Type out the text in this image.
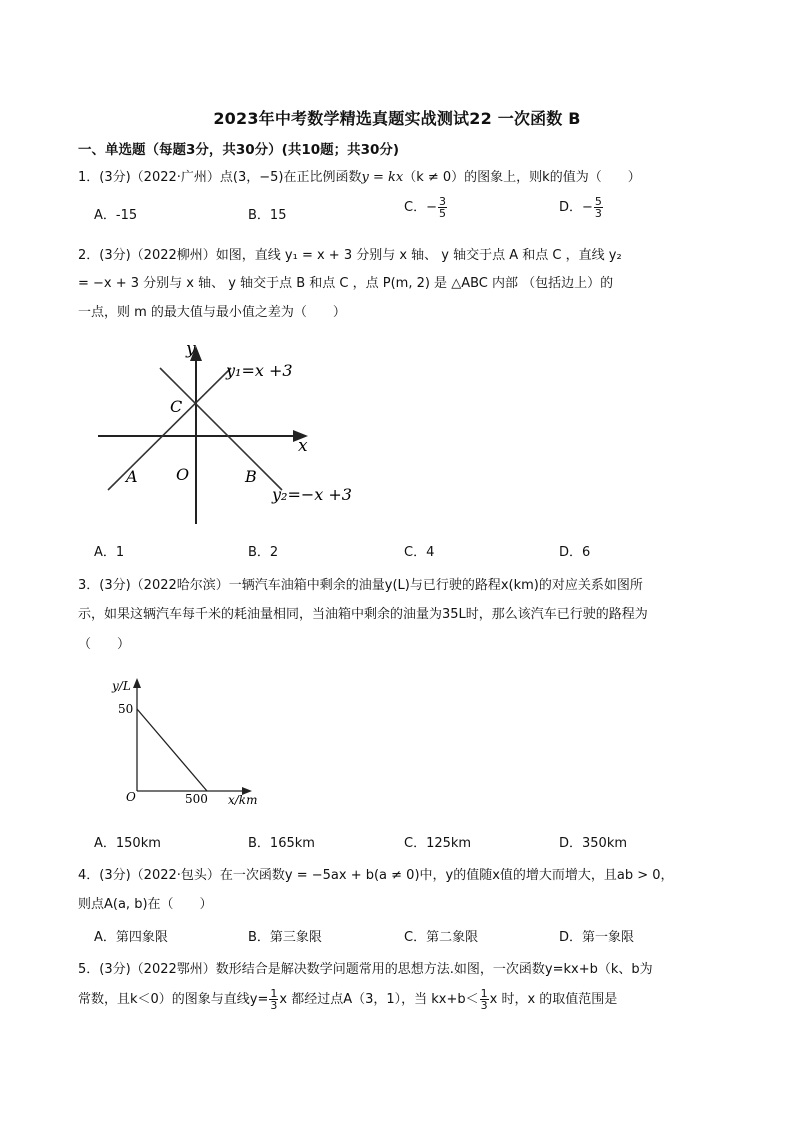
2023年中考数学精选真题实战测试22 一次函数 B
一、单选题（每题3分，共30分）(共10题；共30分)
1．(3分)（2022·广州）点(3，−5)在正比例函数y = kx（k ≠ 0）的图象上，则k的值为（　　）
A．-15	B．15
C．− $\frac{3}{5}$	D．− $\frac{5}{3}$
2．(3分)（2022柳州）如图，直线 y₁ = x + 3 分别与 x 轴、 y 轴交于点 A 和点 C ，直线 y₂
= −x + 3 分别与 x 轴、 y 轴交于点 B 和点 C ，点 P(m, 2) 是 △ABC 内部 （包括边上）的
一点，则 m 的最大值与最小值之差为（　　）
y
x
C
A O	B
y₁=x +3
y₂=−x +3
A．1	B．2	C．4	D．6
3．(3分)（2022哈尔滨）一辆汽车油箱中剩余的油量y(L)与已行驶的路程x(km)的对应关系如图所
示，如果这辆汽车每千米的耗油量相同，当油箱中剩余的油量为35L时，那么该汽车已行驶的路程为
（　　）
y/L
50
O	500 x/km
A．150km	B．165km	C．125km	D．350km
4．(3分)（2022·包头）在一次函数y = −5ax + b(a ≠ 0)中，y的值随x值的增大而增大，且ab > 0，
则点A(a, b)在（　　）
A．第四象限	B．第三象限	C．第二象限	D．第一象限
5．(3分)（2022鄂州）数形结合是解决数学问题常用的思想方法.如图，一次函数y=kx+b（k、b为
常数，且k＜0）的图象与直线$y= \frac{1}{3}$ x 都经过点A（3，1），当 $kx+b< \frac{1}{3}$ x 时，x 的取值范围是
